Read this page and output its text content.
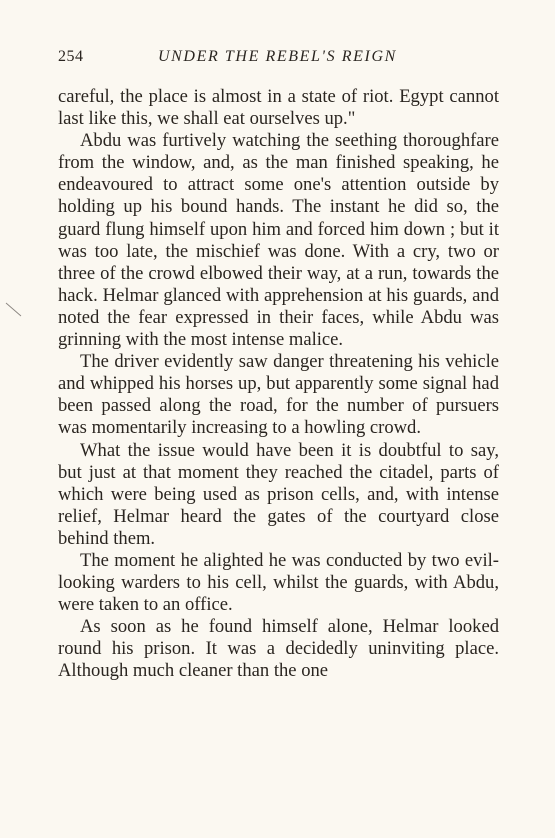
254	UNDER THE REBEL'S REIGN

careful, the place is almost in a state of riot. Egypt cannot last like this, we shall eat ourselves up."

Abdu was furtively watching the seething thoroughfare from the window, and, as the man finished speaking, he endeavoured to attract some one's attention outside by holding up his bound hands. The instant he did so, the guard flung himself upon him and forced him down ; but it was too late, the mischief was done. With a cry, two or three of the crowd elbowed their way, at a run, towards the hack. Helmar glanced with apprehension at his guards, and noted the fear expressed in their faces, while Abdu was grinning with the most intense malice.

The driver evidently saw danger threatening his vehicle and whipped his horses up, but apparently some signal had been passed along the road, for the number of pursuers was momentarily increasing to a howling crowd.

What the issue would have been it is doubtful to say, but just at that moment they reached the citadel, parts of which were being used as prison cells, and, with intense relief, Helmar heard the gates of the courtyard close behind them.

The moment he alighted he was conducted by two evil-looking warders to his cell, whilst the guards, with Abdu, were taken to an office.

As soon as he found himself alone, Helmar looked round his prison. It was a decidedly uninviting place. Although much cleaner than the one
